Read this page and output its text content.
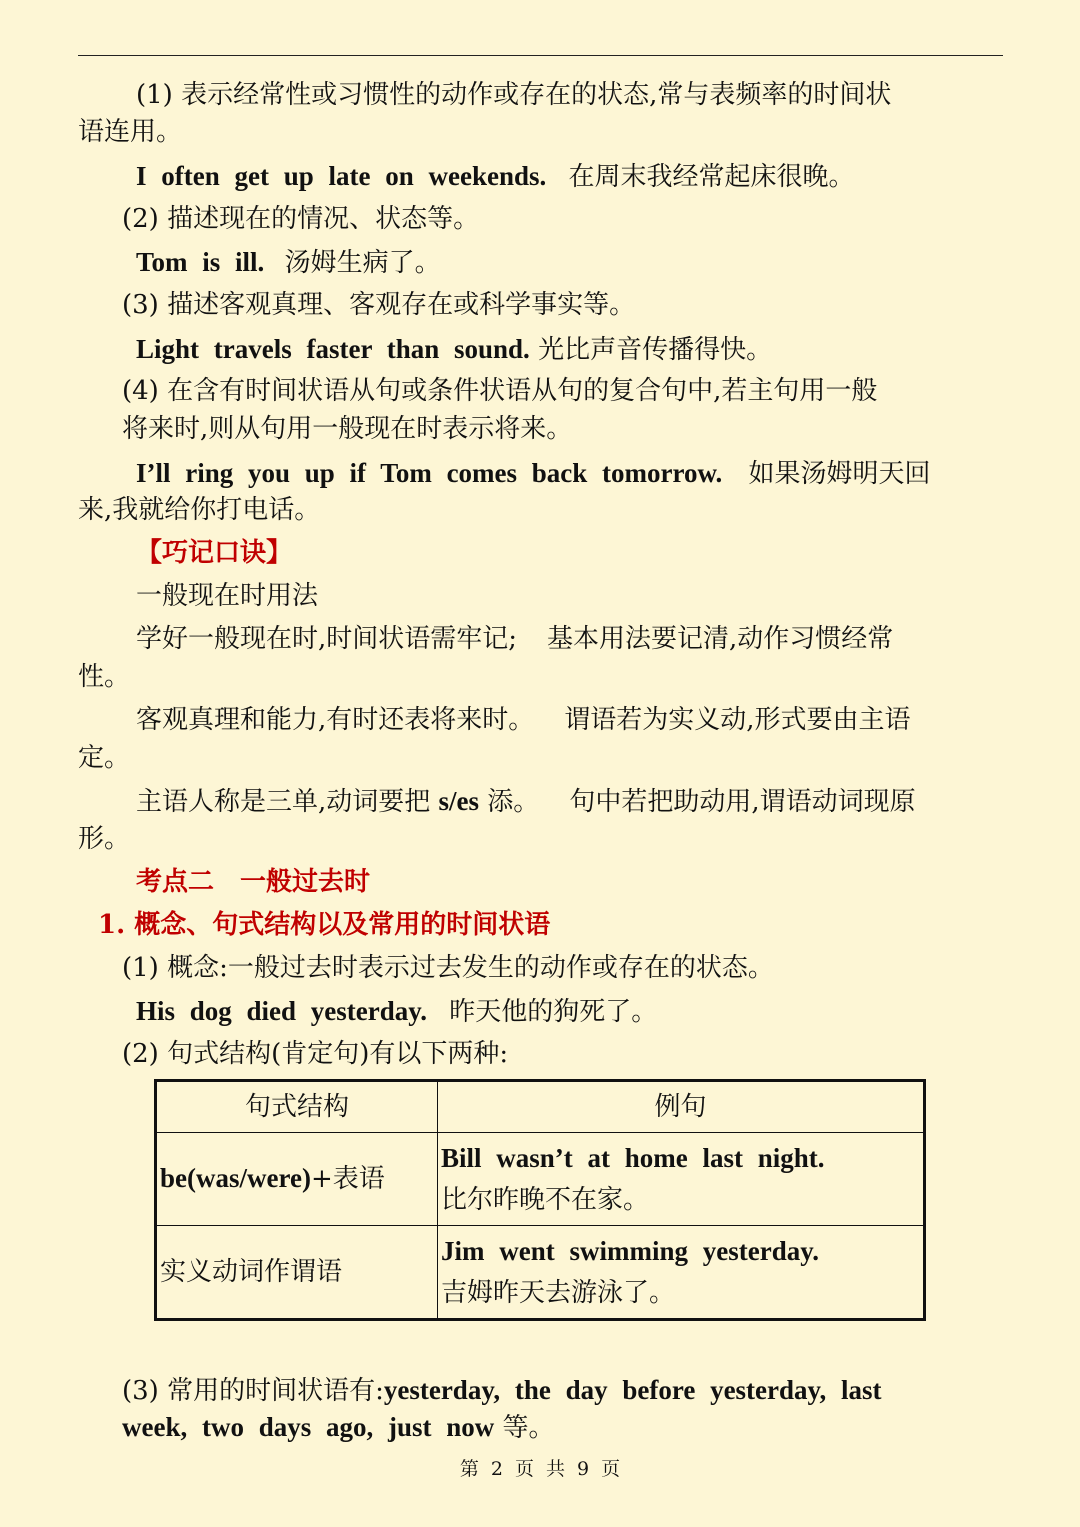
(1) 表示经常性或习惯性的动作或存在的状态,常与表频率的时间状
语连用。
I often get up late on weekends. 在周末我经常起床很晚。
(2) 描述现在的情况、状态等。
Tom is ill. 汤姆生病了。
(3) 描述客观真理、客观存在或科学事实等。
Light travels faster than sound. 光比声音传播得快。
(4) 在含有时间状语从句或条件状语从句的复合句中,若主句用一般
将来时,则从句用一般现在时表示将来。
I’ll ring you up if Tom comes back tomorrow. 如果汤姆明天回
来,我就给你打电话。
【巧记口诀】
一般现在时用法
学好一般现在时,时间状语需牢记; 基本用法要记清,动作习惯经常
性。
客观真理和能力,有时还表将来时。 谓语若为实义动,形式要由主语
定。
主语人称是三单,动词要把 s/es 添。 句中若把助动用,谓语动词现原
形。
考点二　一般过去时
1. 概念、句式结构以及常用的时间状语
(1) 概念:一般过去时表示过去发生的动作或存在的状态。
His dog died yesterday. 昨天他的狗死了。
(2) 句式结构(肯定句)有以下两种:
句式结构	例句
be(was/were)+表语	Bill wasn’t at home last night.
比尔昨晚不在家。

实义动词作谓语	Jim went swimming yesterday.
吉姆昨天去游泳了。
(3) 常用的时间状语有:yesterday, the day before yesterday, last
week, two days ago, just now 等。
第 2 页 共 9 页
